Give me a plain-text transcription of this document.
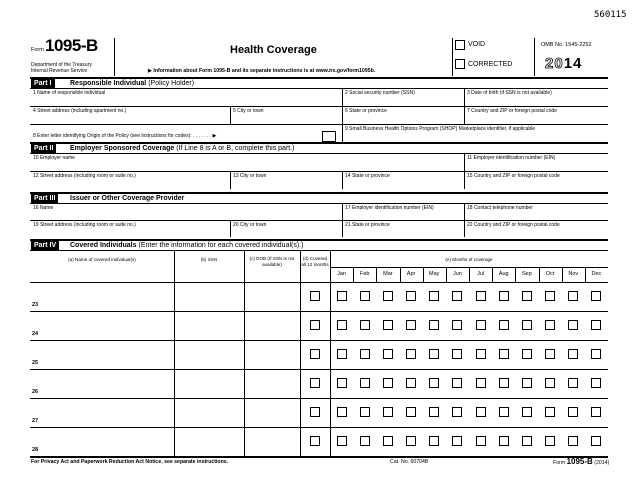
560115
Form 1095-B
Department of the Treasury
Internal Revenue Service
Health Coverage
▶ Information about Form 1095-B and its separate instructions is at www.irs.gov/form1095b.
VOID
CORRECTED
OMB No. 1545-2252
2014
Part I	Responsible Individual (Policy Holder)
1 Name of responsible individual	2 Social security number (SSN)	3 Date of birth (if SSN is not available)
4 Street address (including apartment no.)	5 City or town	6 State or province	7 Country and ZIP or foreign postal code
8 Enter letter identifying Origin of the Policy (see instructions for codes): . . . . . . . ▶
9 Small Business Health Options Program (SHOP) Marketplace identifier, if applicable
Part II	Employer Sponsored Coverage (If Line 8 is A or B, complete this part.)
10 Employer name	11 Employer identification number (EIN)
12 Street address (including room or suite no.)	13 City or town	14 State or province	15 Country and ZIP or foreign postal code
Part III	Issuer or Other Coverage Provider
16 Name	17 Employer identification number (EIN)	18 Contact telephone number
19 Street address (including room or suite no.)	20 City or town	21 State or province	22 Country and ZIP or foreign postal code
Part IV	Covered Individuals (Enter the information for each covered individual(s).)
(a) Name of covered individual(s)	(b) SSN	(c) DOB (If SSN is not
available)
(d) Covered
all 12 months
(e) Months of coverage
Jan	Feb	Mar	Apr	May	Jun	Jul	Aug	Sep	Oct	Nov	Dec
23
24
25
26
27
28
For Privacy Act and Paperwork Reduction Act Notice, see separate instructions.	Cat. No. 60704B	Form 1095-B (2014)
